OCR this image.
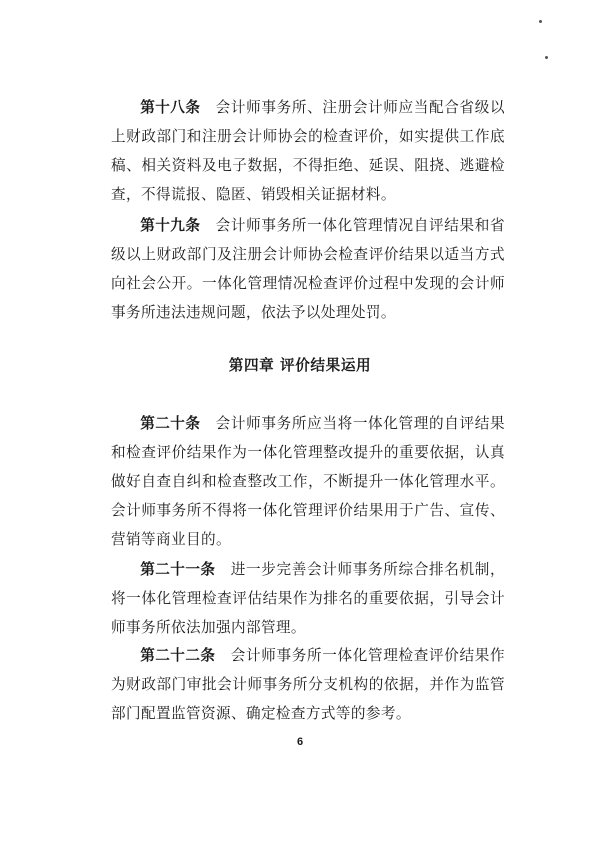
第十八条　 会计师事务所、注册会计师应当配合省级以上财政部门和注册会计师协会的检查评价，如实提供工作底稿、相关资料及电子数据，不得拒绝、延误、阻挠、逃避检查，不得谎报、隐匿、销毁相关证据材料。

第十九条　 会计师事务所一体化管理情况自评结果和省级以上财政部门及注册会计师协会检查评价结果以适当方式向社会公开。一体化管理情况检查评价过程中发现的会计师事务所违法违规问题，依法予以处理处罚。

第四章 评价结果运用

第二十条　 会计师事务所应当将一体化管理的自评结果和检查评价结果作为一体化管理整改提升的重要依据，认真做好自查自纠和检查整改工作，不断提升一体化管理水平。会计师事务所不得将一体化管理评价结果用于广告、宣传、营销等商业目的。

第二十一条　 进一步完善会计师事务所综合排名机制，将一体化管理检查评估结果作为排名的重要依据，引导会计师事务所依法加强内部管理。

第二十二条　 会计师事务所一体化管理检查评价结果作为财政部门审批会计师事务所分支机构的依据，并作为监管部门配置监管资源、确定检查方式等的参考。

6
